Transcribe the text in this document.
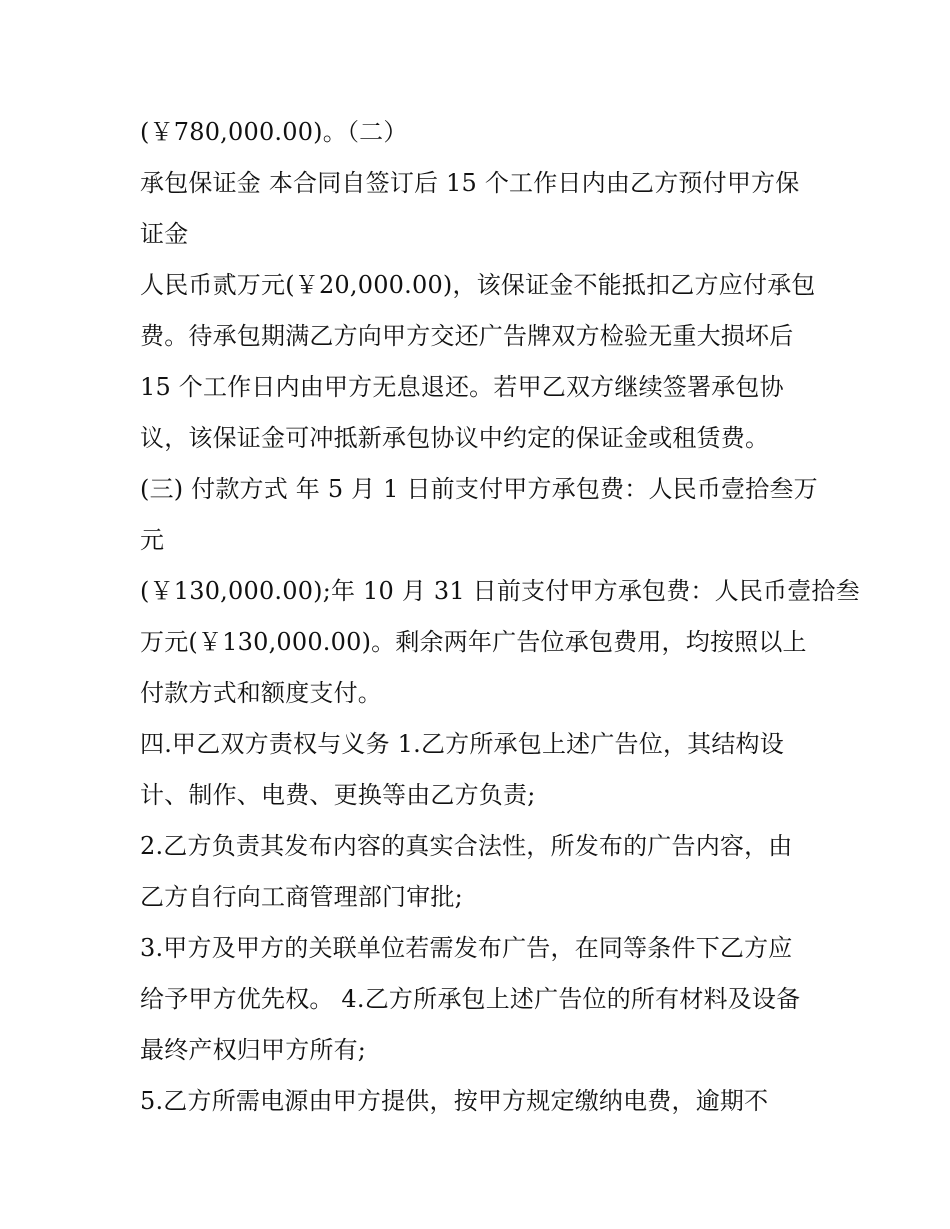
(￥780,000.00)。（二）
承包保证金 本合同自签订后 15 个工作日内由乙方预付甲方保
证金
人民币贰万元(￥20,000.00)，该保证金不能抵扣乙方应付承包
费。待承包期满乙方向甲方交还广告牌双方检验无重大损坏后
15 个工作日内由甲方无息退还。若甲乙双方继续签署承包协
议，该保证金可冲抵新承包协议中约定的保证金或租赁费。
(三) 付款方式 年 5 月 1 日前支付甲方承包费：人民币壹拾叁万
元
(￥130,000.00);年 10 月 31 日前支付甲方承包费：人民币壹拾叁
万元(￥130,000.00)。剩余两年广告位承包费用，均按照以上
付款方式和额度支付。
四.甲乙双方责权与义务 1.乙方所承包上述广告位，其结构设
计、制作、电费、更换等由乙方负责;
2.乙方负责其发布内容的真实合法性，所发布的广告内容，由
乙方自行向工商管理部门审批;
3.甲方及甲方的关联单位若需发布广告，在同等条件下乙方应
给予甲方优先权。 4.乙方所承包上述广告位的所有材料及设备
最终产权归甲方所有;
5.乙方所需电源由甲方提供，按甲方规定缴纳电费，逾期不
